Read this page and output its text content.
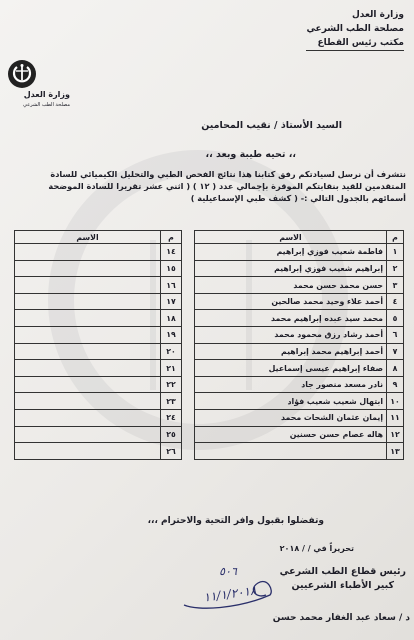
وزارة العدل
مصلحة الطب الشرعي
مكتب رئيس القطاع
وزارة العدل
مصلحة الطب الشرعي
السيد الأستاذ / نقيب المحامين
،، تحيه طيبة وبعد ،،
نتشرف أن نرسل لسيادتكم رفق كتابنا هذا نتائج الفحص الطبي والتحليل الكيميائي للسادة
المتقدمين للقيد بنقابتكم الموقرة بإجمالي عدد ( ١٢ ) ( اثني عشر تقريرا للسادة الموضحة
أسمائهم بالجدول التالي :- ( كشف طبي الإسماعيلية )
م	الاسم
١	فاطمة شعيب فوزي إبراهيم
٢	إبراهيم شعيب فوزي إبراهيم
٣	حسن محمد حسن محمد
٤	أحمد علاء وحيد محمد صالحين
٥	محمد سيد عبده إبراهيم محمد
٦	أحمد رشاد رزق محمود محمد
٧	أحمد إبراهيم محمد إبراهيم
٨	صفاء إبراهيم عيسى إسماعيل
٩	نادر مسعد منصور جاد
١٠	ابتهال شعيب شعيب فؤاد
١١	إيمان عثمان الشحات محمد
١٢	هاله عصام حسن حسنين
١٣	
م	الاسم
١٤	
١٥	
١٦	
١٧	
١٨	
١٩	
٢٠	
٢١	
٢٢	
٢٣	
٢٤	
٢٥	
٢٦	
وتفضلوا بقبول وافر التحية والاحترام ،،،
تحريراً في / / ٢٠١٨
٥٠٦
١١/١/٢٠١٨
رئيس قطاع الطب الشرعي
كبير الأطباء الشرعيين
د / سعاد عبد الغفار محمد حسن
